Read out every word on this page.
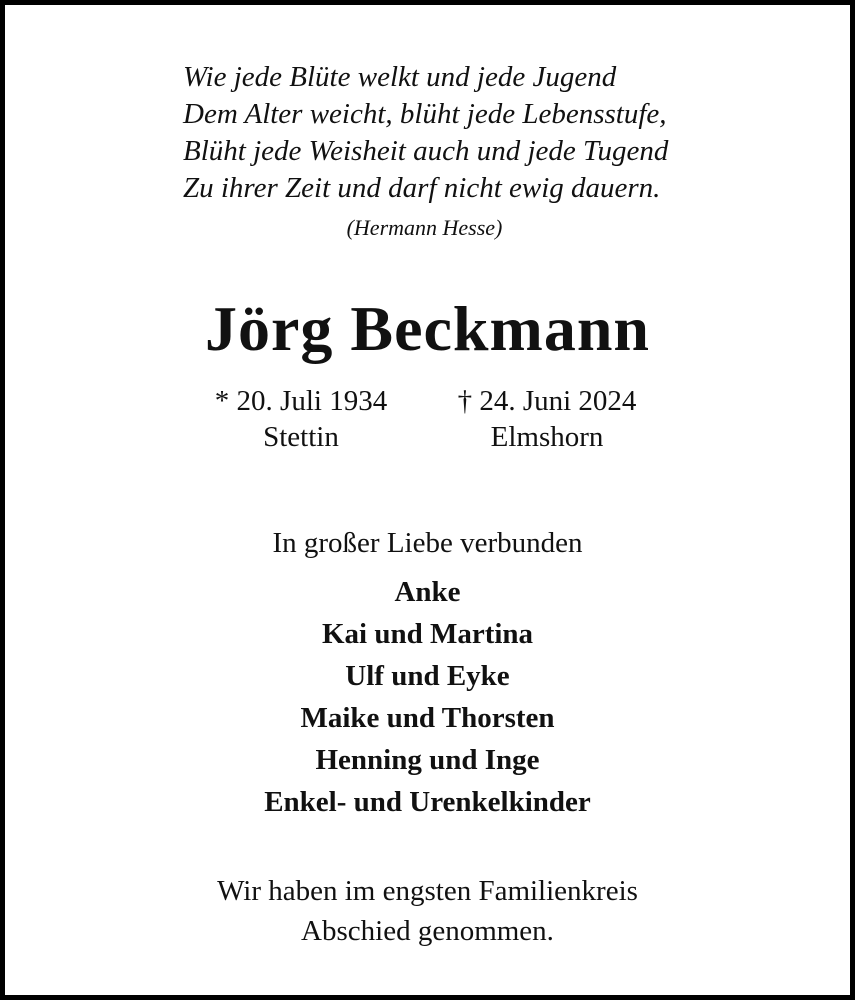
Wie jede Blüte welkt und jede Jugend
Dem Alter weicht, blüht jede Lebensstufe,
Blüht jede Weisheit auch und jede Tugend
Zu ihrer Zeit und darf nicht ewig dauern.
(Hermann Hesse)
Jörg Beckmann
* 20. Juli 1934
Stettin
† 24. Juni 2024
Elmshorn
In großer Liebe verbunden
Anke
Kai und Martina
Ulf und Eyke
Maike und Thorsten
Henning und Inge
Enkel- und Urenkelkinder
Wir haben im engsten Familienkreis
Abschied genommen.
